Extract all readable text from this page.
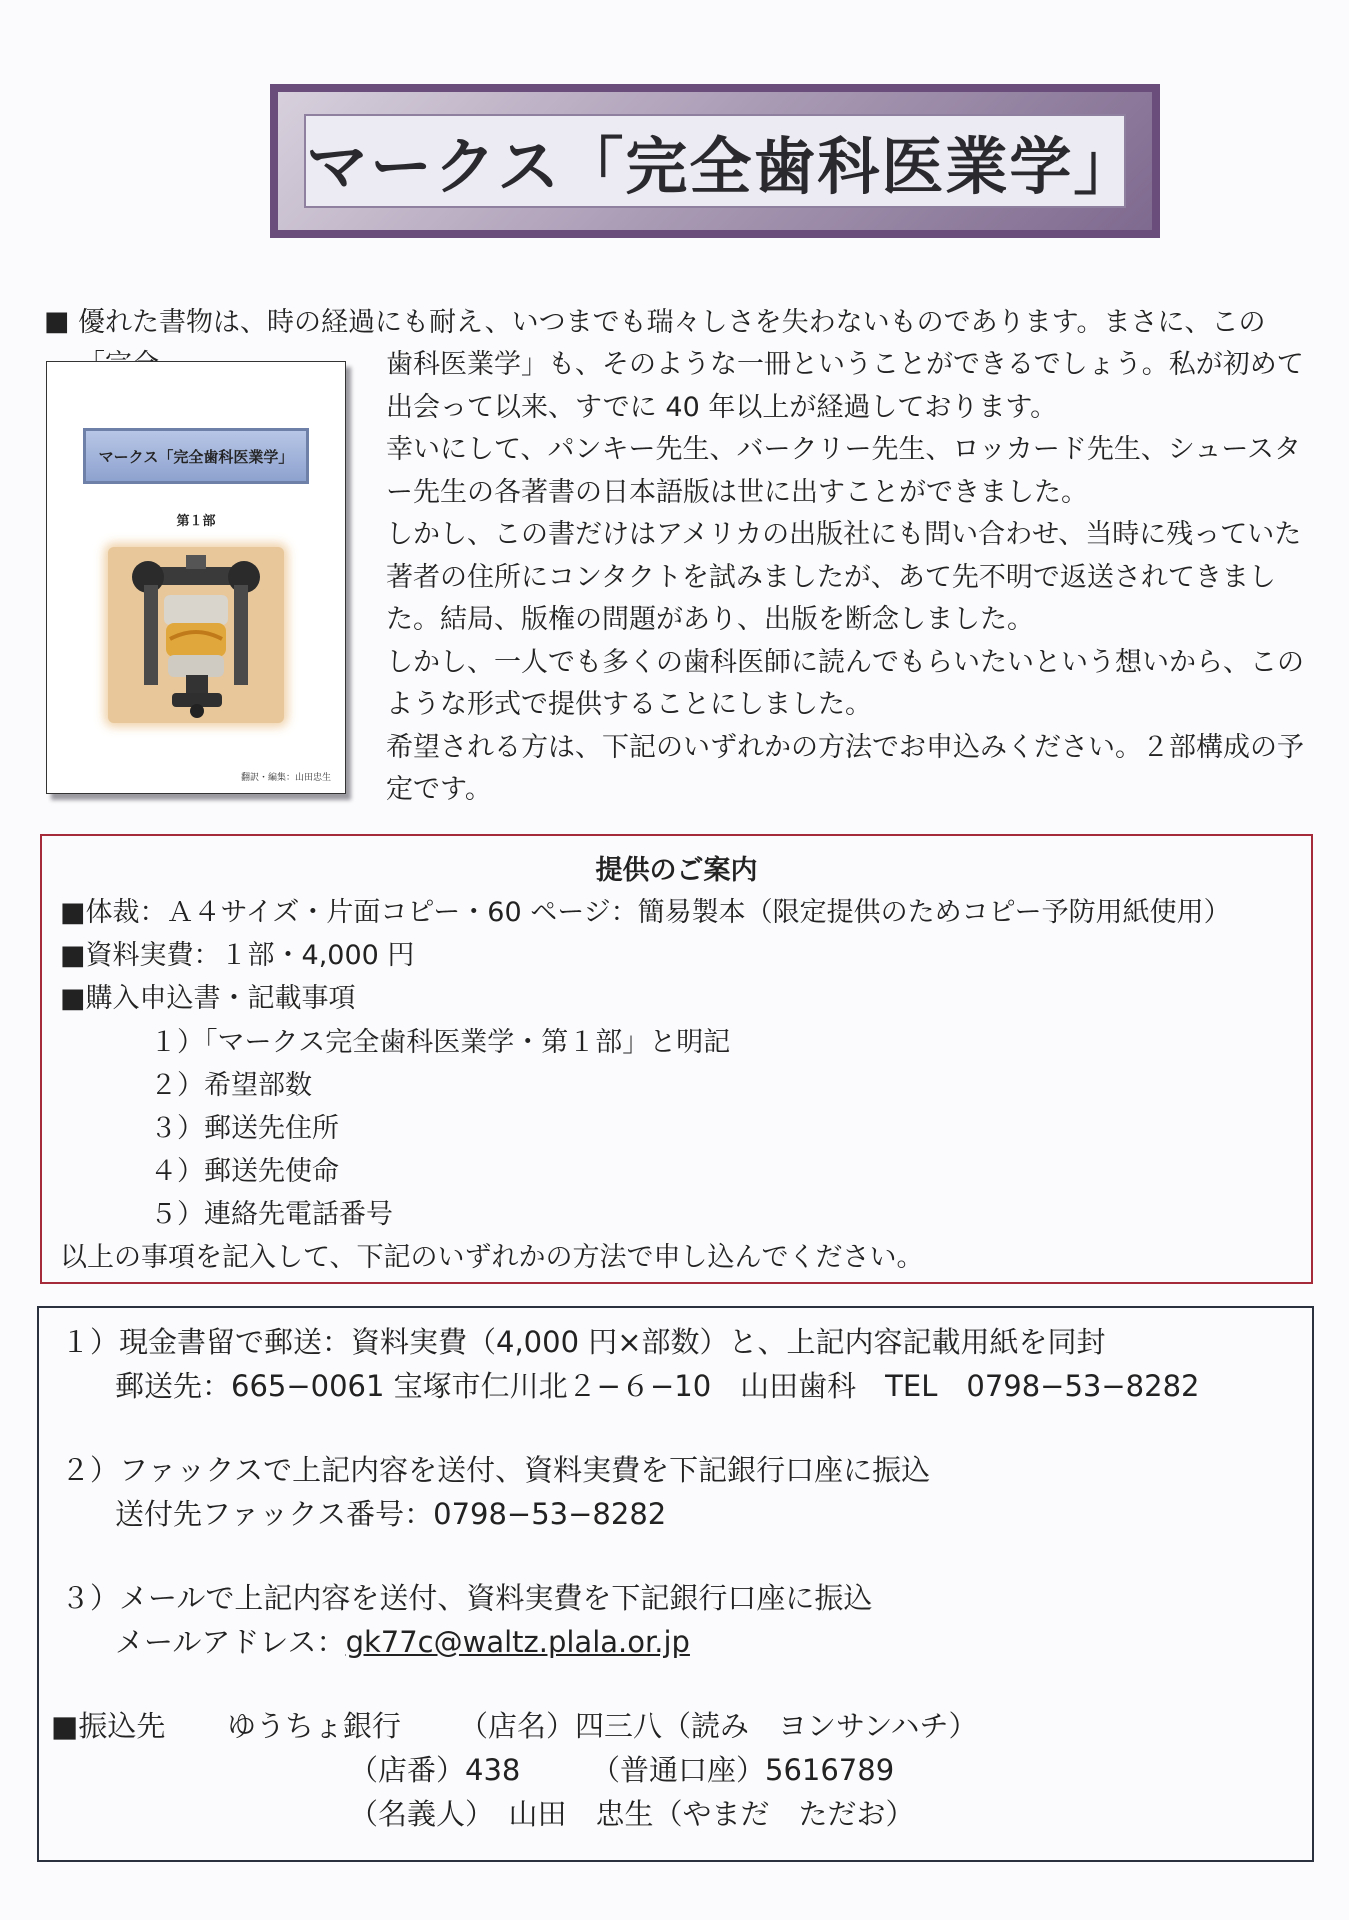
マークス「完全歯科医業学」
■ 優れた書物は、時の経過にも耐え、いつまでも瑞々しさを失わないものであります。まさに、この

歯科医業学」も、そのような一冊ということができるでしょう。私が初めて出会って以来、すでに 40 年以上が経過しております。

幸いにして、パンキー先生、バークリー先生、ロッカード先生、シュースター先生の各著書の日本語版は世に出すことができました。

しかし、この書だけはアメリカの出版社にも問い合わせ、当時に残っていた著者の住所にコンタクトを試みましたが、あて先不明で返送されてきました。結局、版権の問題があり、出版を断念しました。

しかし、一人でも多くの歯科医師に読んでもらいたいという想いから、このような形式で提供することにしました。

希望される方は、下記のいずれかの方法でお申込みください。２部構成の予定です。

マークス「完全歯科医業学」
第１部
翻訳・編集：山田忠生
提供のご案内
■体裁：Ａ４サイズ・片面コピー・60 ページ：簡易製本（限定提供のためコピー予防用紙使用）
■資料実費：１部・4,000 円
■購入申込書・記載事項
１）「マークス完全歯科医業学・第１部」と明記
２）希望部数
３）郵送先住所
４）郵送先使命
５）連絡先電話番号
以上の事項を記入して、下記のいずれかの方法で申し込んでください。
１）現金書留で郵送：資料実費（4,000 円×部数）と、上記内容記載用紙を同封
郵送先：665−0061 宝塚市仁川北２−６−10　山田歯科　TEL　0798−53−8282
２）ファックスで上記内容を送付、資料実費を下記銀行口座に振込
送付先ファックス番号：0798−53−8282
３）メールで上記内容を送付、資料実費を下記銀行口座に振込
メールアドレス：gk77c@waltz.plala.or.jp
■振込先 ゆうちょ銀行 （店名）四三八（読み　ヨンサンハチ）
（店番）438 （普通口座）5616789
（名義人）　山田　忠生（やまだ　ただお）
